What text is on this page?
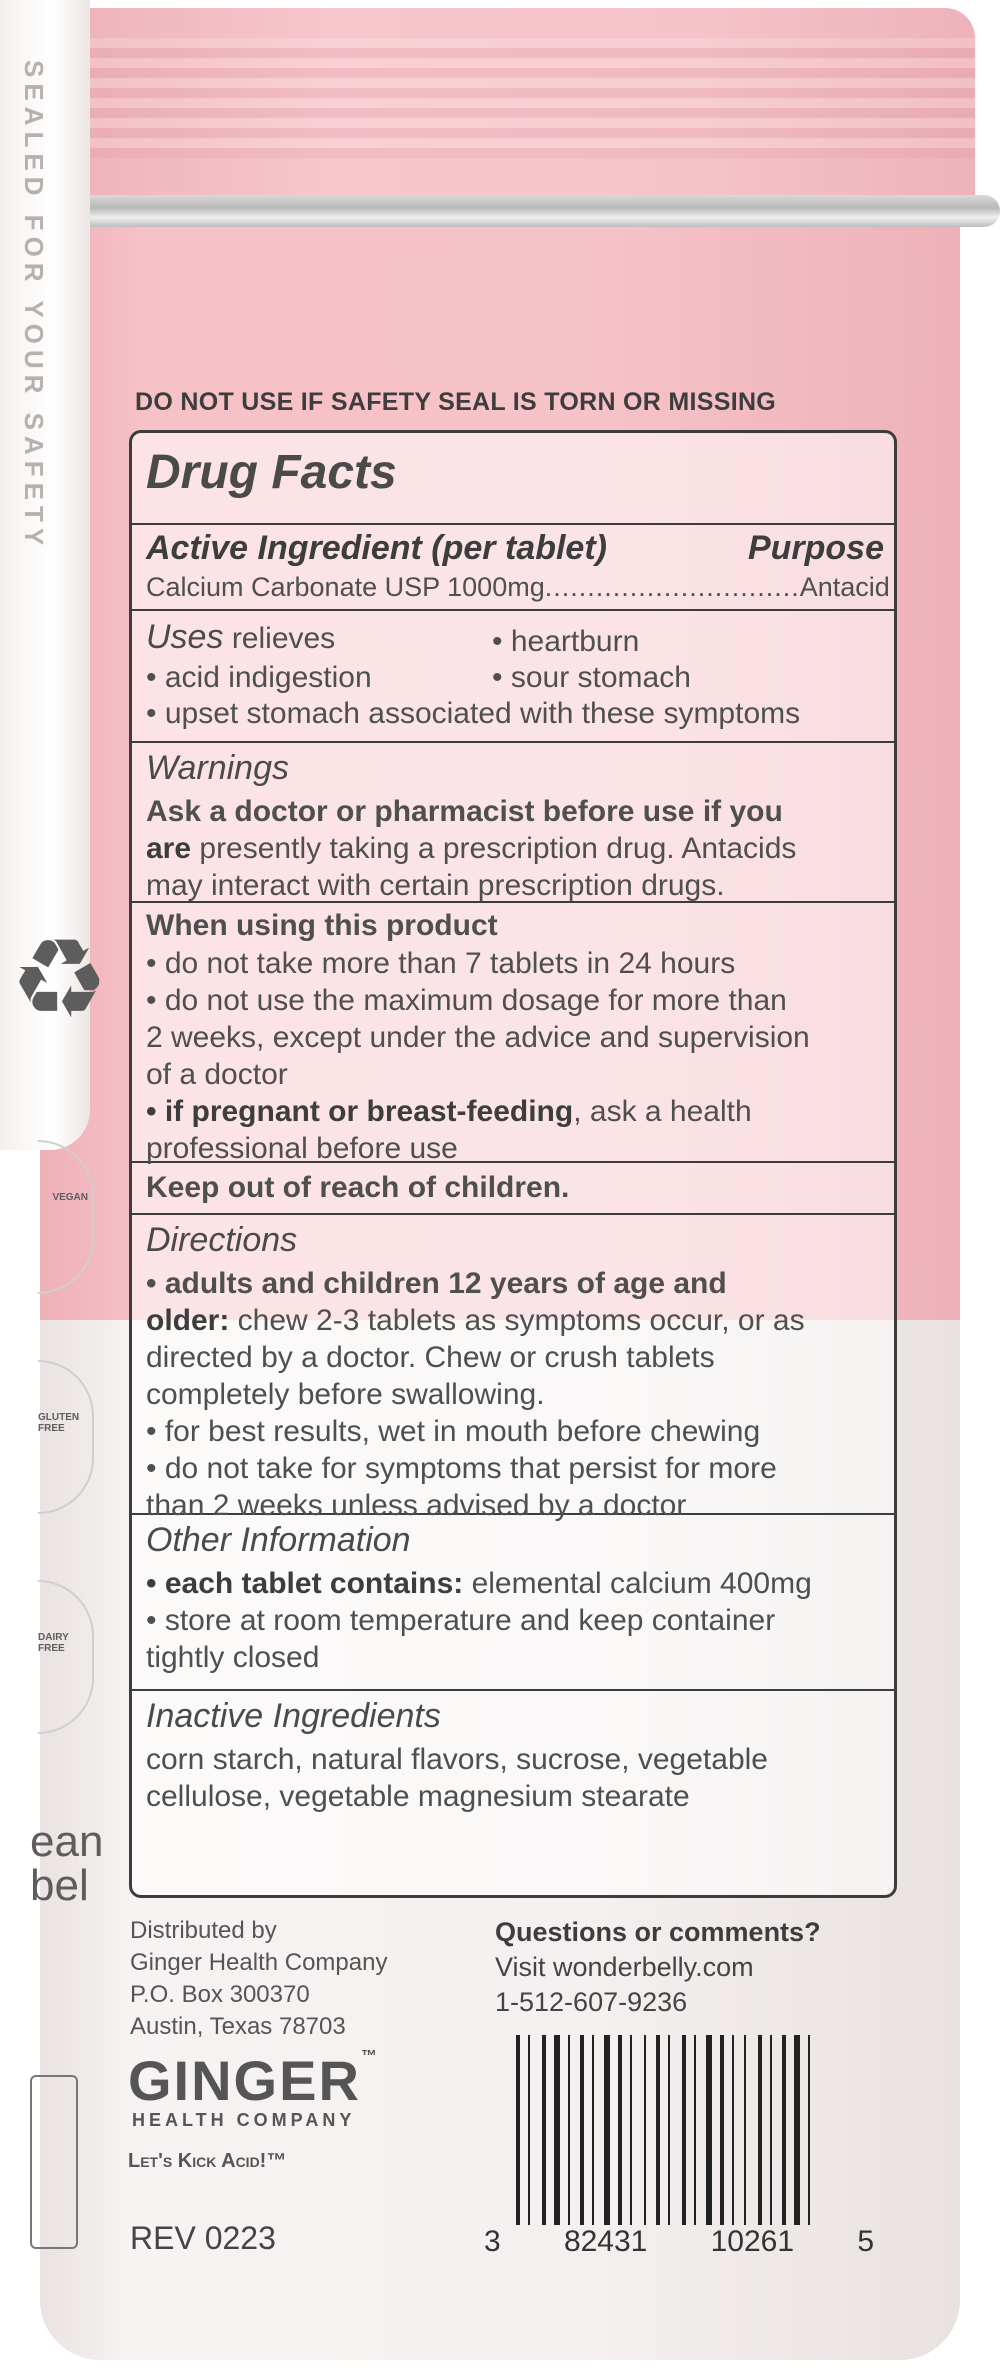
SEALED FOR YOUR SAFETY
♻
VEGAN
GLUTEN FREE
DAIRY FREE
ean
bel
DO NOT USE IF SAFETY SEAL IS TORN OR MISSING
Drug Facts
Active Ingredient (per tablet)	Purpose
Calcium Carbonate USP 1000mg..............................Antacid
Uses relieves	• heartburn
• acid indigestion	• sour stomach
• upset stomach associated with these symptoms
Warnings
Ask a doctor or pharmacist before use if you
are presently taking a prescription drug. Antacids
may interact with certain prescription drugs.
When using this product
• do not take more than 7 tablets in 24 hours
• do not use the maximum dosage for more than
2 weeks, except under the advice and supervision
of a doctor
• if pregnant or breast-feeding, ask a health
professional before use
Keep out of reach of children.
Directions
• adults and children 12 years of age and
older: chew 2-3 tablets as symptoms occur, or as
directed by a doctor. Chew or crush tablets
completely before swallowing.
• for best results, wet in mouth before chewing
• do not take for symptoms that persist for more
than 2 weeks unless advised by a doctor
Other Information
• each tablet contains: elemental calcium 400mg
• store at room temperature and keep container
tightly closed
Inactive Ingredients
corn starch, natural flavors, sucrose, vegetable
cellulose, vegetable magnesium stearate
Distributed by
Ginger Health Company
P.O. Box 300370
Austin, Texas 78703
GINGER™
HEALTH COMPANY
Let's Kick Acid!™
REV 0223
Questions or comments?
Visit wonderbelly.com
1-512-607-9236
3 82431 10261 5
